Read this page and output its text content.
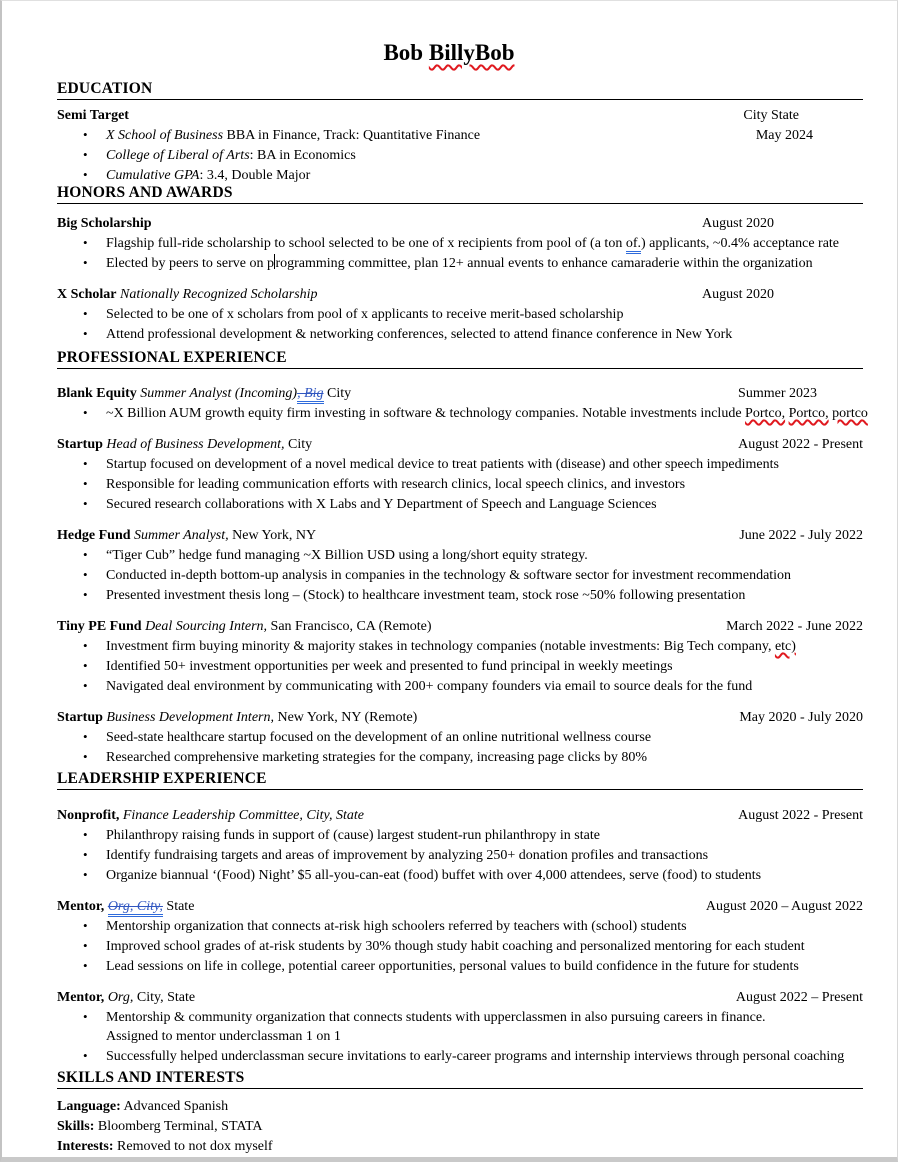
Bob BillyBob
EDUCATION
Semi Target	City State
•	X School of Business BBA in Finance, Track: Quantitative Finance	May 2024
•	College of Liberal of Arts: BA in Economics
•	Cumulative GPA: 3.4, Double Major
HONORS AND AWARDS
Big Scholarship	August 2020
•	Flagship full-ride scholarship to school selected to be one of x recipients from pool of (a ton of.) applicants, ~0.4% acceptance rate
•	Elected by peers to serve on p rogramming committee, plan 12+ annual events to enhance camaraderie within the organization
X Scholar Nationally Recognized Scholarship	August 2020
•	Selected to be one of x scholars from pool of x applicants to receive merit-based scholarship
•	Attend professional development & networking conferences, selected to attend finance conference in New York
PROFESSIONAL EXPERIENCE
Blank Equity Summer Analyst (Incoming), Big City	Summer 2023
•	~X Billion AUM growth equity firm investing in software & technology companies. Notable investments include Portco, Portco, portco
Startup Head of Business Development, City	August 2022 - Present
•	Startup focused on development of a novel medical device to treat patients with (disease) and other speech impediments
•	Responsible for leading communication efforts with research clinics, local speech clinics, and investors
•	Secured research collaborations with X Labs and Y Department of Speech and Language Sciences
Hedge Fund Summer Analyst, New York, NY	June 2022 - July 2022
•	“Tiger Cub” hedge fund managing ~X Billion USD using a long/short equity strategy.
•	Conducted in-depth bottom-up analysis in companies in the technology & software sector for investment recommendation
•	Presented investment thesis long – (Stock) to healthcare investment team, stock rose ~50% following presentation
Tiny PE Fund Deal Sourcing Intern, San Francisco, CA (Remote)	March 2022 - June 2022
•	Investment firm buying minority & majority stakes in technology companies (notable investments: Big Tech company, etc)
•	Identified 50+ investment opportunities per week and presented to fund principal in weekly meetings
•	Navigated deal environment by communicating with 200+ company founders via email to source deals for the fund
Startup Business Development Intern, New York, NY (Remote)	May 2020 - July 2020
•	Seed-state healthcare startup focused on the development of an online nutritional wellness course
•	Researched comprehensive marketing strategies for the company, increasing page clicks by 80%
LEADERSHIP EXPERIENCE
Nonprofit, Finance Leadership Committee, City, State	August 2022 - Present
•	Philanthropy raising funds in support of (cause) largest student-run philanthropy in state
•	Identify fundraising targets and areas of improvement by analyzing 250+ donation profiles and transactions
•	Organize biannual ‘(Food) Night’ $5 all-you-can-eat (food) buffet with over 4,000 attendees, serve (food) to students
Mentor, Org, City, State	August 2020 – August 2022
•	Mentorship organization that connects at-risk high schoolers referred by teachers with (school) students
•	Improved school grades of at-risk students by 30% though study habit coaching and personalized mentoring for each student
•	Lead sessions on life in college, potential career opportunities, personal values to build confidence in the future for students
Mentor, Org, City, State	August 2022 – Present
•	Mentorship & community organization that connects students with upperclassmen in also pursuing careers in finance.
Assigned to mentor underclassman 1 on 1
•	Successfully helped underclassman secure invitations to early-career programs and internship interviews through personal coaching
SKILLS AND INTERESTS
Language: Advanced Spanish
Skills: Bloomberg Terminal, STATA
Interests: Removed to not dox myself
